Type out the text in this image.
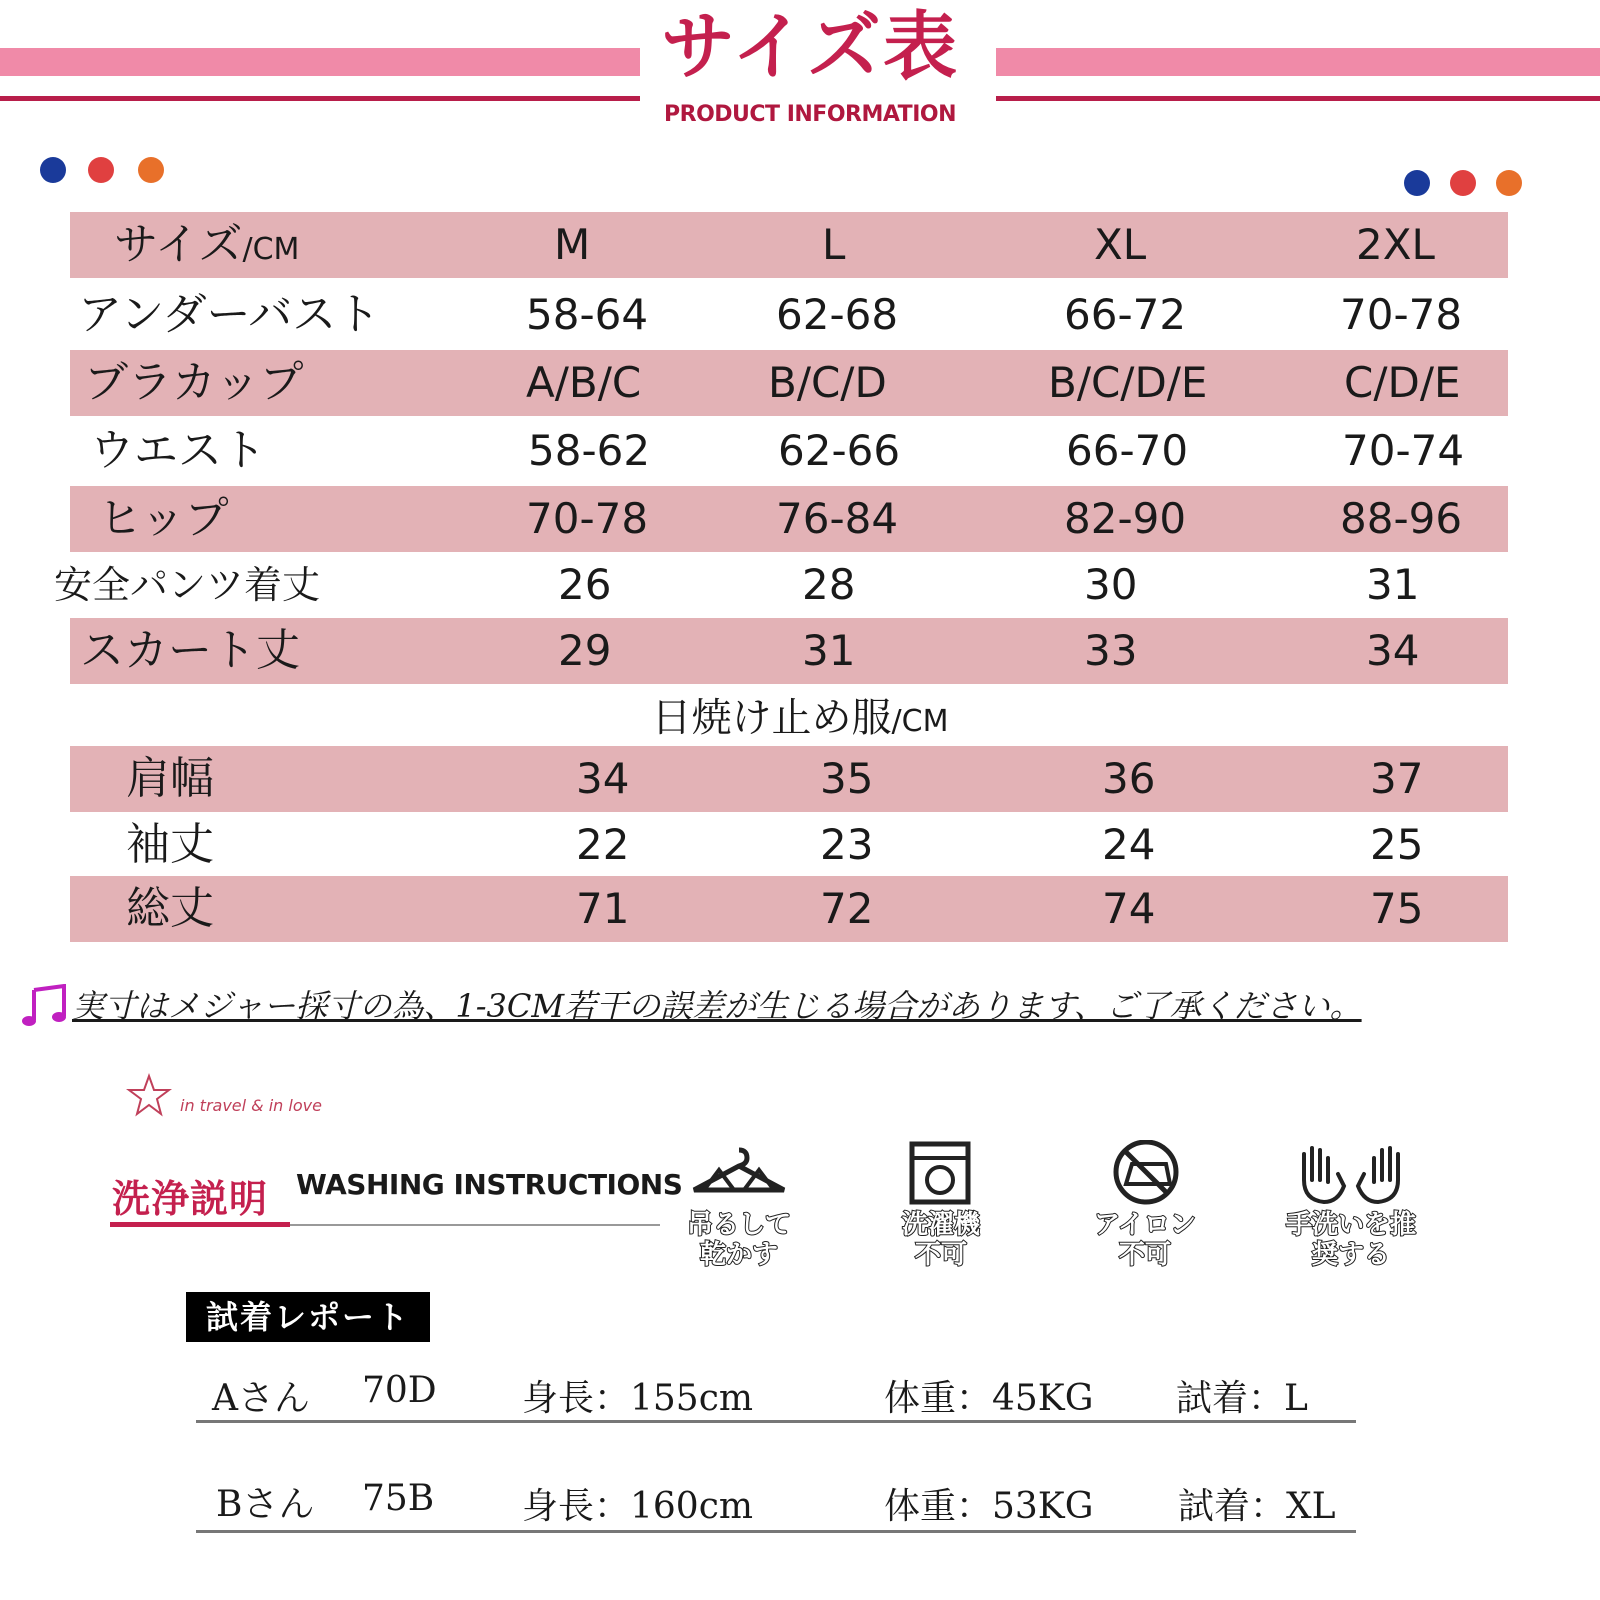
サイズ表
PRODUCT INFORMATION
サイズ/CM	M	L	XL	2XL
アンダーバスト	58-64	62-68	66-72	70-78
ブラカップ	A/B/C	B/C/D	B/C/D/E	C/D/E
ウエスト	58-62	62-66	66-70	70-74
ヒップ	70-78	76-84	82-90	88-96
安全パンツ着丈	26	28	30	31
スカート丈	29	31	33	34
日焼け止め服/CM
肩幅	34	35	36	37
袖丈	22	23	24	25
総丈	71	72	74	75
実寸はメジャー採寸の為、1-3CM若干の誤差が生じる場合があります、ご了承ください。
in travel & in love
洗浄説明 WASHING INSTRUCTIONS
吊るして
乾かす
洗濯機
不可
アイロン
不可
手洗いを推
奨する
試着レポート
Aさん 70D 身長：155cm	体重：45KG 試着：L
Bさん 75B 身長：160cm	体重：53KG 試着：XL
